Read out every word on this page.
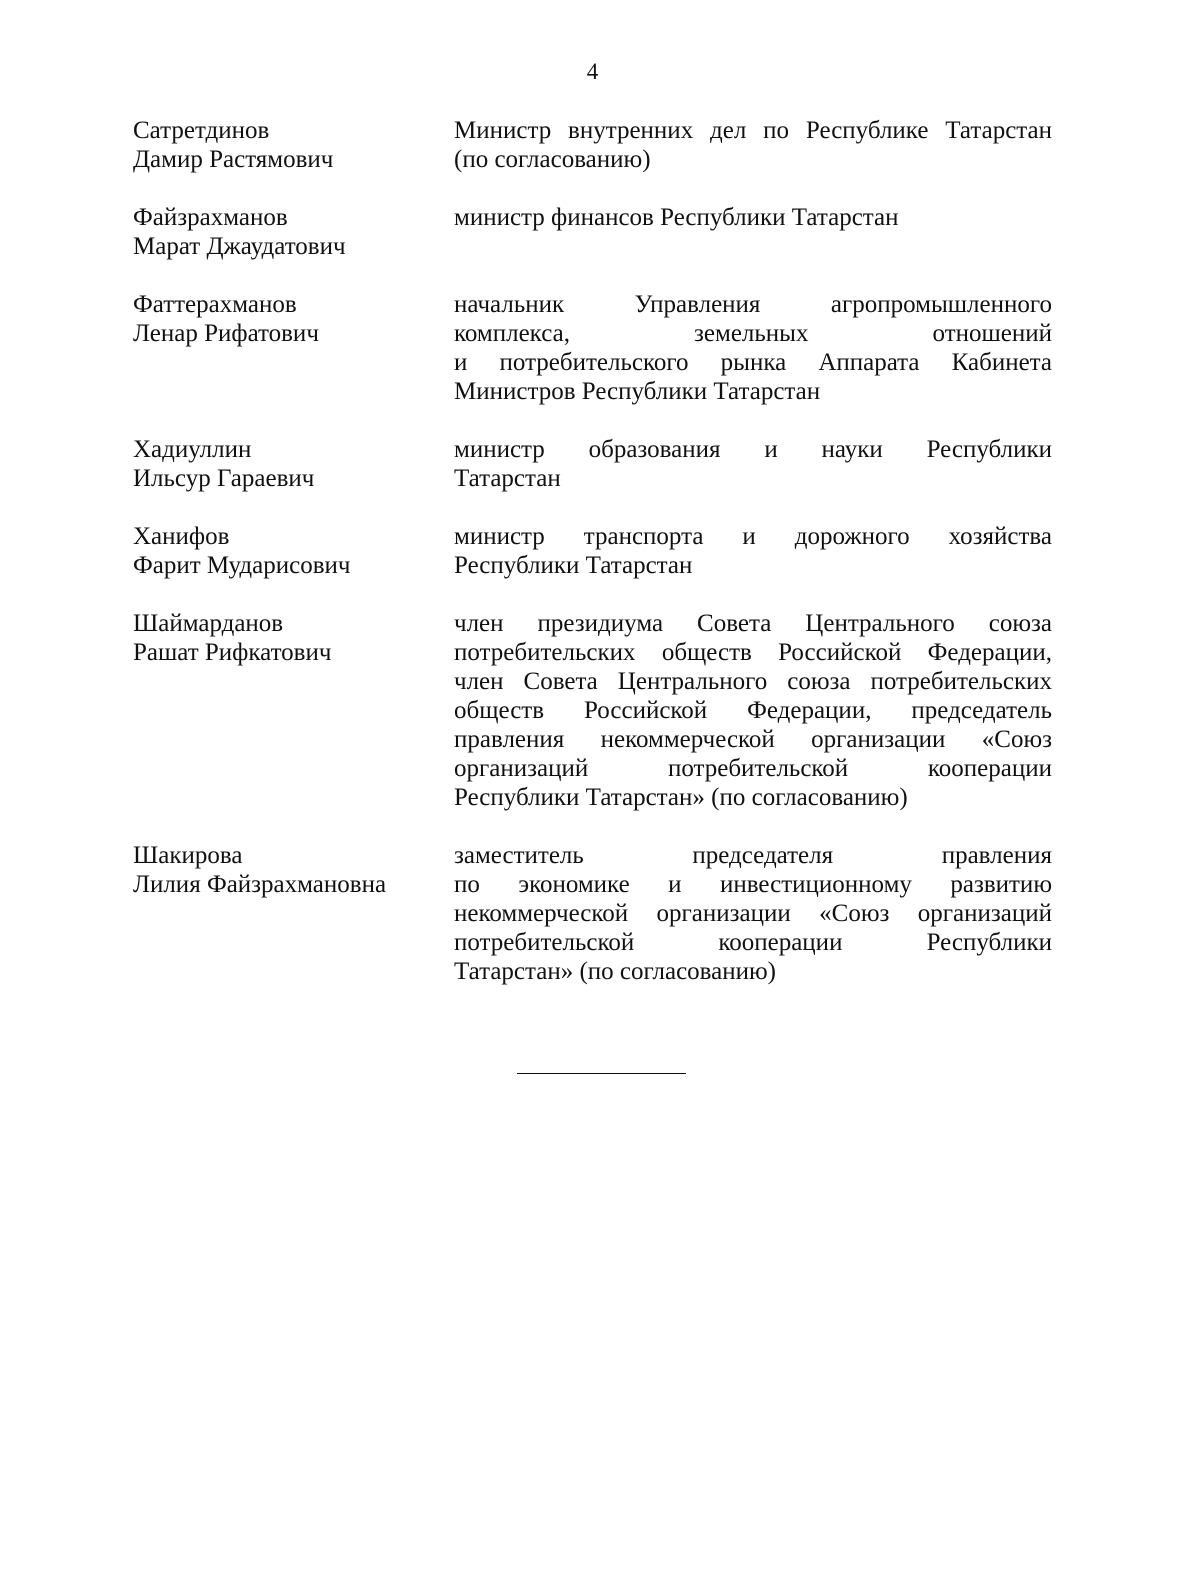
4
Сатретдинов
Дамир Растямович
Министр внутренних дел по Республике Татарстан
(по согласованию)
Файзрахманов
Марат Джаудатович
министр финансов Республики Татарстан
Фаттерахманов
Ленар Рифатович
начальник Управления агропромышленного
комплекса, земельных отношений
и потребительского рынка Аппарата Кабинета
Министров Республики Татарстан
Хадиуллин
Ильсур Гараевич
министр образования и науки Республики
Татарстан
Ханифов
Фарит Мударисович
министр транспорта и дорожного хозяйства
Республики Татарстан
Шаймарданов
Рашат Рифкатович
член президиума Совета Центрального союза
потребительских обществ Российской Федерации,
член Совета Центрального союза потребительских
обществ Российской Федерации, председатель
правления некоммерческой организации «Союз
организаций потребительской кооперации
Республики Татарстан» (по согласованию)
Шакирова
Лилия Файзрахмановна
заместитель председателя правления
по экономике и инвестиционному развитию
некоммерческой организации «Союз организаций
потребительской кооперации Республики
Татарстан» (по согласованию)
